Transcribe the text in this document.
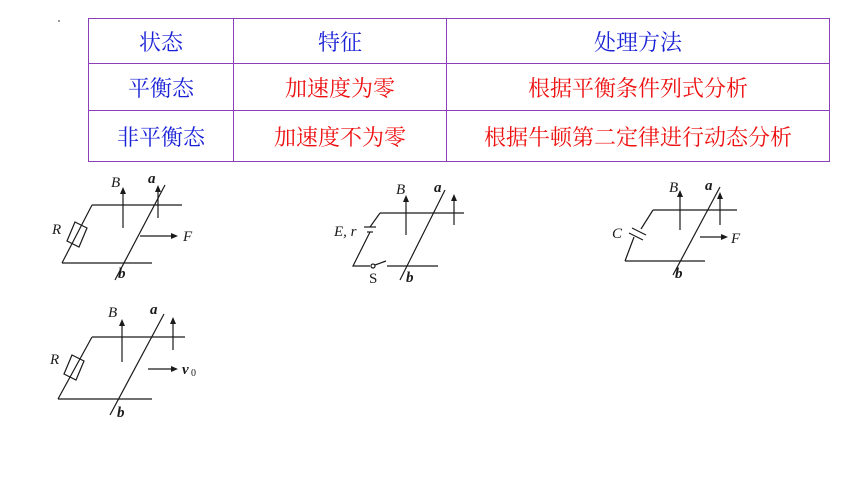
状态	特征	处理方法
平衡态	加速度为零	根据平衡条件列式分析
非平衡态	加速度不为零	根据牛顿第二定律进行动态分析
B a
b
R	F
B a
b
E, r
S
B a
b
C	F
B a
b
R
v 0
